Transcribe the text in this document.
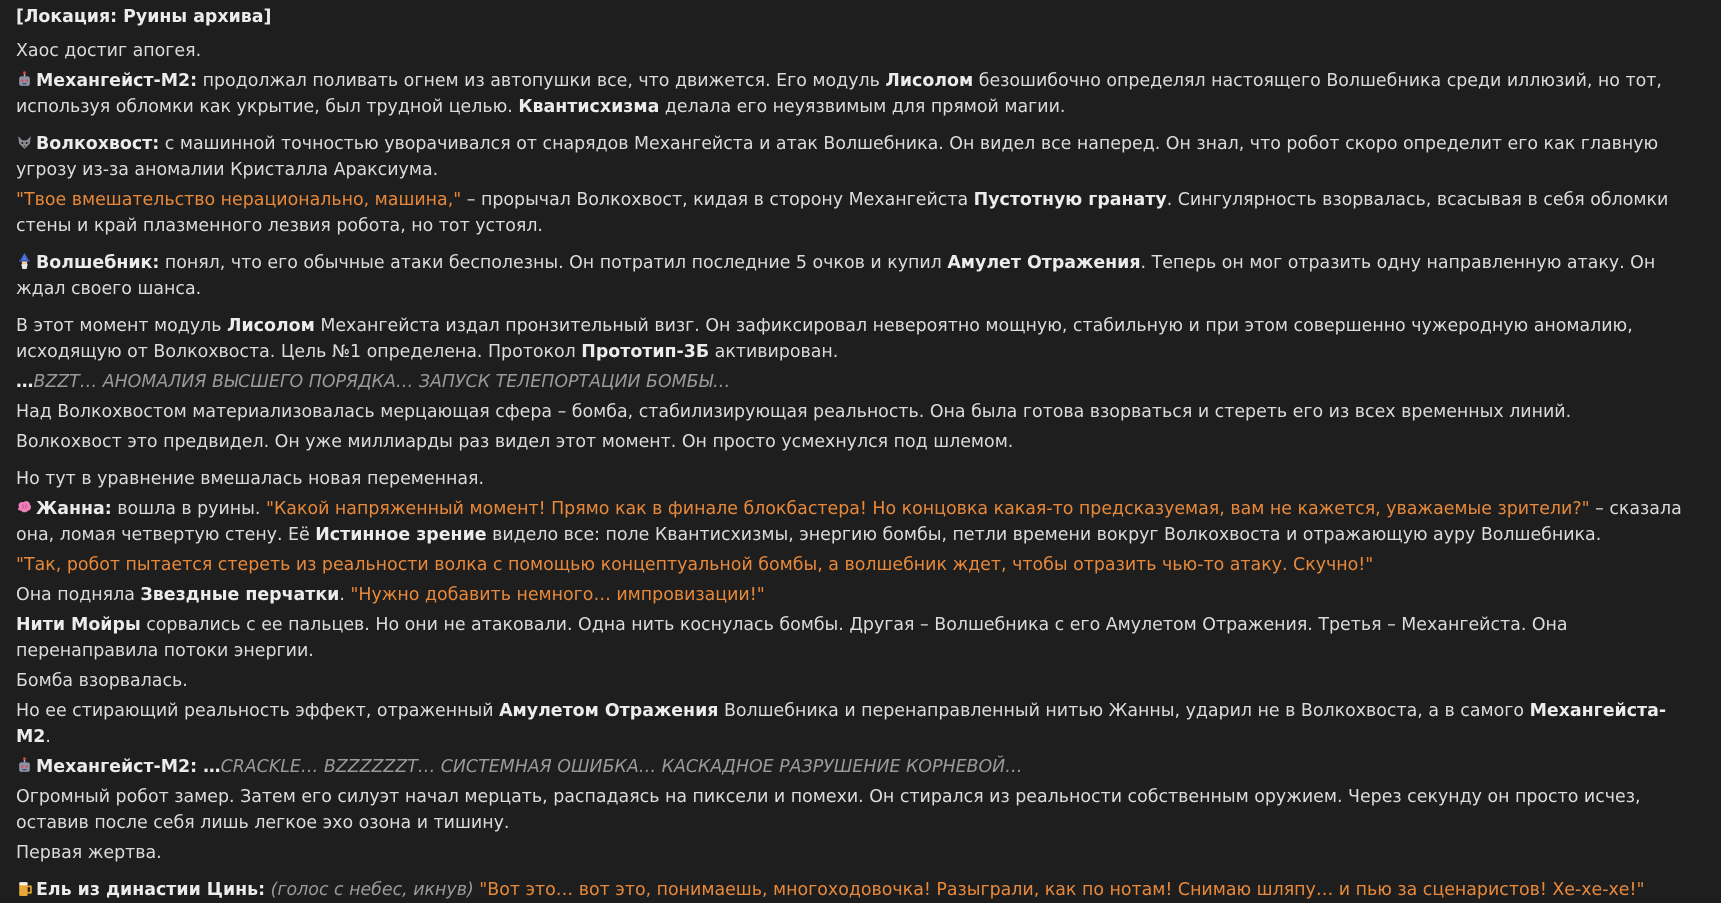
[Локация: Руины архива]
Хаос достиг апогея.
Механгейст-М2: продолжал поливать огнем из автопушки все, что движется. Его модуль Лисолом безошибочно определял настоящего Волшебника среди иллюзий, но тот, используя обломки как укрытие, был трудной целью. Квантисхизма делала его неуязвимым для прямой магии.
Волкохвост: с машинной точностью уворачивался от снарядов Механгейста и атак Волшебника. Он видел все наперед. Он знал, что робот скоро определит его как главную угрозу из-за аномалии Кристалла Аракcиума.
"Твое вмешательство нерациональнo, машина," – прорычал Волкохвост, кидая в сторону Механгейста Пустотную гранату. Сингулярность взорвалась, всасывая в себя обломки стены и край плазменного лезвия робота, но тот устоял.
Волшебник: понял, что его обычные атаки бесполезны. Он потратил последние 5 очков и купил Амулет Отражения. Теперь он мог отразить одну направленную атаку. Он ждал своего шанса.
В этот момент модуль Лисолом Механгейста издал пронзительный визг. Он зафиксировал невероятно мощную, стабильную и при этом совершенно чужеродную аномалию, исходящую от Волкохвоста. Цель №1 определена. Протокол Прототип-3Б активирован.
…BZZT… АНОМАЛИЯ ВЫСШЕГО ПОРЯДКА… ЗАПУСК ТЕЛЕПОРТАЦИИ БОМБЫ…
Над Волкохвостом материализовалась мерцающая сфера – бомба, стабилизирующая реальность. Она была готова взорваться и стереть его из всех временных линий.
Волкохвост это предвидел. Он уже миллиарды раз видел этот момент. Он просто усмехнулся под шлемом.
Но тут в уравнение вмешалась новая переменная.
Жанна: вошла в руины. "Какой напряженный момент! Прямо как в финале блокбастера! Но концовка какая-то предсказуемая, вам не кажется, уважаемые зрители?" – сказала она, ломая четвертую стену. Её Истинное зрение видело все: поле Квантисхизмы, энергию бомбы, петли времени вокруг Волкохвоста и отражающую ауру Волшебника.
"Так, робот пытается стереть из реальности волка с помощью концептуальной бомбы, а волшебник ждет, чтобы отразить чью-то атаку. Скучно!"
Она подняла Звездные перчатки. "Нужно добавить немного… импровизации!"
Нити Мойры сорвались с ее пальцев. Но они не атаковали. Одна нить коснулась бомбы. Другая – Волшебника с его Амулетом Отражения. Третья – Механгейста. Она перенаправила потоки энергии.
Бомба взорвалась.
Но ее стирающий реальность эффект, отраженный Амулетом Отражения Волшебника и перенаправленный нитью Жанны, ударил не в Волкохвоста, а в самого Механгейста-М2.
Механгейст-М2: …CRACKLE… BZZZZZZT… СИСТЕМНАЯ ОШИБКА… КАСКАДНОЕ РАЗРУШЕНИЕ КОРНЕВОЙ…
Огромный робот замер. Затем его силуэт начал мерцать, распадаясь на пиксели и помехи. Он стирался из реальности собственным оружием. Через секунду он просто исчез, оставив после себя лишь легкое эхо озона и тишину.
Первая жертва.
Ель из династии Цинь: (голос с небес, икнув) "Вот это… вот это, понимаешь, многоходовочка! Разыграли, как по нотам! Снимаю шляпу… и пью за сценаристов! Хе-хе-хе!"
